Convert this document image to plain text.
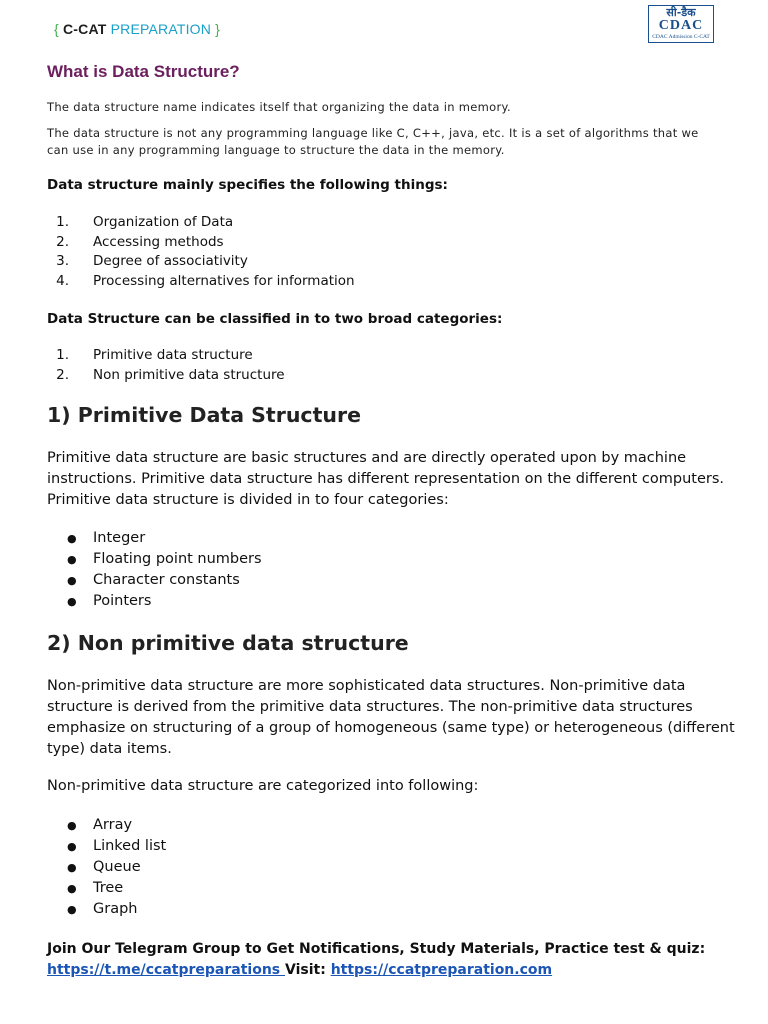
{ C-CAT PREPARATION }
सी-डैक
CDAC
CDAC Admission C-CAT
What is Data Structure?

The data structure name indicates itself that organizing the data in memory.

The data structure is not any programming language like C, C++, java, etc. It is a set of algorithms that we can use in any programming language to structure the data in the memory.

Data structure mainly specifies the following things:
1. Organization of Data
2. Accessing methods
3. Degree of associativity
4. Processing alternatives for information
Data Structure can be classified in to two broad categories:
1. Primitive data structure
2. Non primitive data structure
1) Primitive Data Structure

Primitive data structure are basic structures and are directly operated upon by machine instructions. Primitive data structure has different representation on the different computers. Primitive data structure is divided in to four categories:

● Integer
● Floating point numbers
● Character constants
● Pointers
2) Non primitive data structure

Non-primitive data structure are more sophisticated data structures. Non-primitive data structure is derived from the primitive data structures. The non-primitive data structures emphasize on structuring of a group of homogeneous (same type) or heterogeneous (different type) data items.

Non-primitive data structure are categorized into following:

● Array
● Linked list
● Queue
● Tree
● Graph
Join Our Telegram Group to Get Notifications, Study Materials, Practice test & quiz:
https://t.me/ccatpreparations Visit: https://ccatpreparation.com
